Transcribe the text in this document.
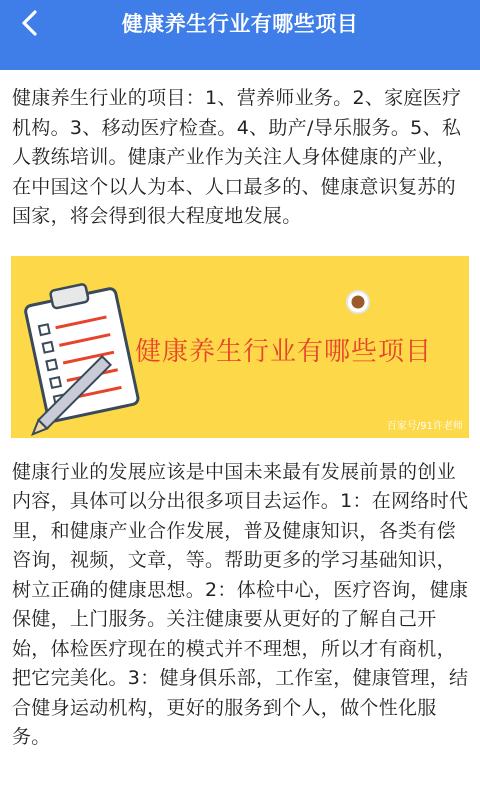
健康养生行业有哪些项目

健康养生行业的项目：1、营养师业务。2、家庭医疗机构。3、移动医疗检查。4、助产/导乐服务。5、私人教练培训。健康产业作为关注人身体健康的产业，在中国这个以人为本、人口最多的、健康意识复苏的国家，将会得到很大程度地发展。

健康养生行业有哪些项目
百家号/91许老师

健康行业的发展应该是中国未来最有发展前景的创业内容，具体可以分出很多项目去运作。1：在网络时代里，和健康产业合作发展，普及健康知识，各类有偿咨询，视频，文章，等。帮助更多的学习基础知识，树立正确的健康思想。2：体检中心，医疗咨询，健康保健，上门服务。关注健康要从更好的了解自己开始，体检医疗现在的模式并不理想，所以才有商机，把它完美化。3：健身俱乐部，工作室，健康管理，结合健身运动机构，更好的服务到个人，做个性化服务。
